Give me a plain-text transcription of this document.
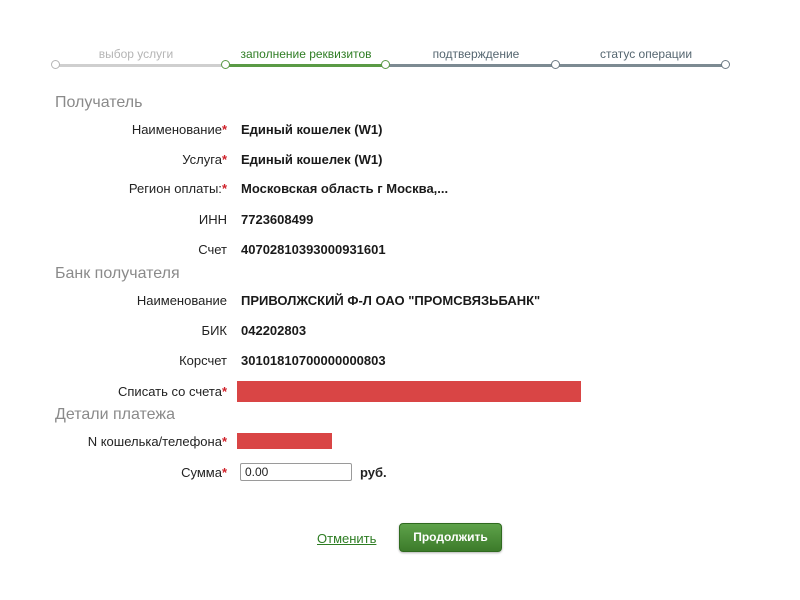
выбор услуги	заполнение реквизитов	подтверждение	статус операции
Получатель
Наименование* Единый кошелек (W1)
Услуга* Единый кошелек (W1)
Регион оплаты:* Московская область г Москва,...
ИНН 7723608499
Счет 40702810393000931601
Банк получателя
Наименование ПРИВОЛЖСКИЙ Ф-Л ОАО "ПРОМСВЯЗЬБАНК"
БИК 042202803
Корсчет 30101810700000000803
Списать со счета*
Детали платежа
N кошелька/телефона*
Сумма*
0.00	руб.
Отменить	Продолжить
